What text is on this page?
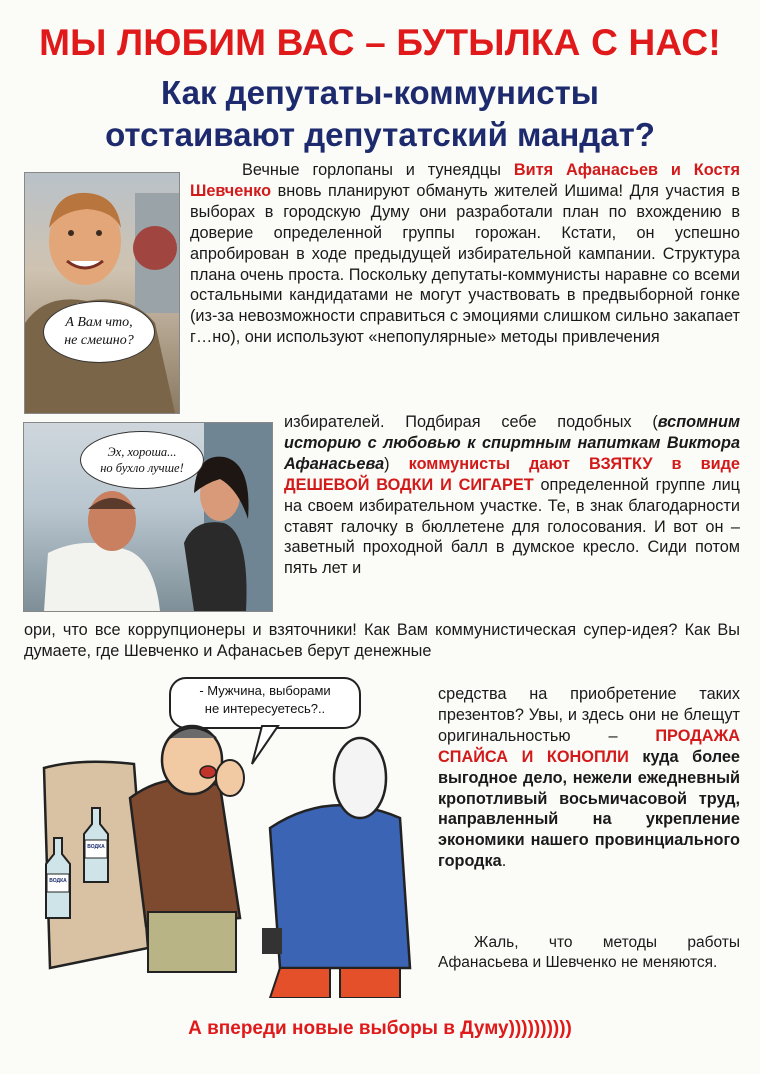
МЫ ЛЮБИМ ВАС – БУТЫЛКА С НАС!
Как депутаты-коммунисты
отстаивают депутатский мандат?
А Вам что,
не смешно?
Эх, хороша...
но бухло лучше!

Вечные горлопаны и тунеядцы Витя Афанасьев и Костя Шевченко вновь планируют обмануть жителей Ишима! Для участия в выборах в городскую Думу они разработали план по вхождению в доверие определенной группы горожан. Кстати, он успешно апробирован в ходе предыдущей избирательной кампании. Структура плана очень проста. Поскольку депутаты-коммунисты наравне со всеми остальными кандидатами не могут участвовать в предвыборной гонке (из-за невозможности справиться с эмоциями слишком сильно закапает г…но), они используют «непопулярные» методы привлечения

избирателей. Подбирая себе подобных (вспомним историю с любовью к спиртным напиткам Виктора Афанасьева) коммунисты дают ВЗЯТКУ в виде ДЕШЕВОЙ ВОДКИ И СИГАРЕТ определенной группе лиц на своем избирательном участке. Те, в знак благодарности ставят галочку в бюллетене для голосования. И вот он – заветный проходной балл в думское кресло. Сиди потом пять лет и

ори, что все коррупционеры и взяточники! Как Вам коммунистическая супер-идея? Как Вы думаете, где Шевченко и Афанасьев берут денежные

- Мужчина, выборами
не интересуетесь?..
ВОДКА
ВОДКА

средства на приобретение таких презентов? Увы, и здесь они не блещут оригинальностью – ПРОДАЖА СПАЙСА И КОНОПЛИ куда более выгодное дело, нежели ежедневный кропотливый восьмичасовой труд, направленный на укрепление экономики нашего провинциального городка.

Жаль, что методы работы Афанасьева и Шевченко не меняются.

А впереди новые выборы в Думу))))))))))
